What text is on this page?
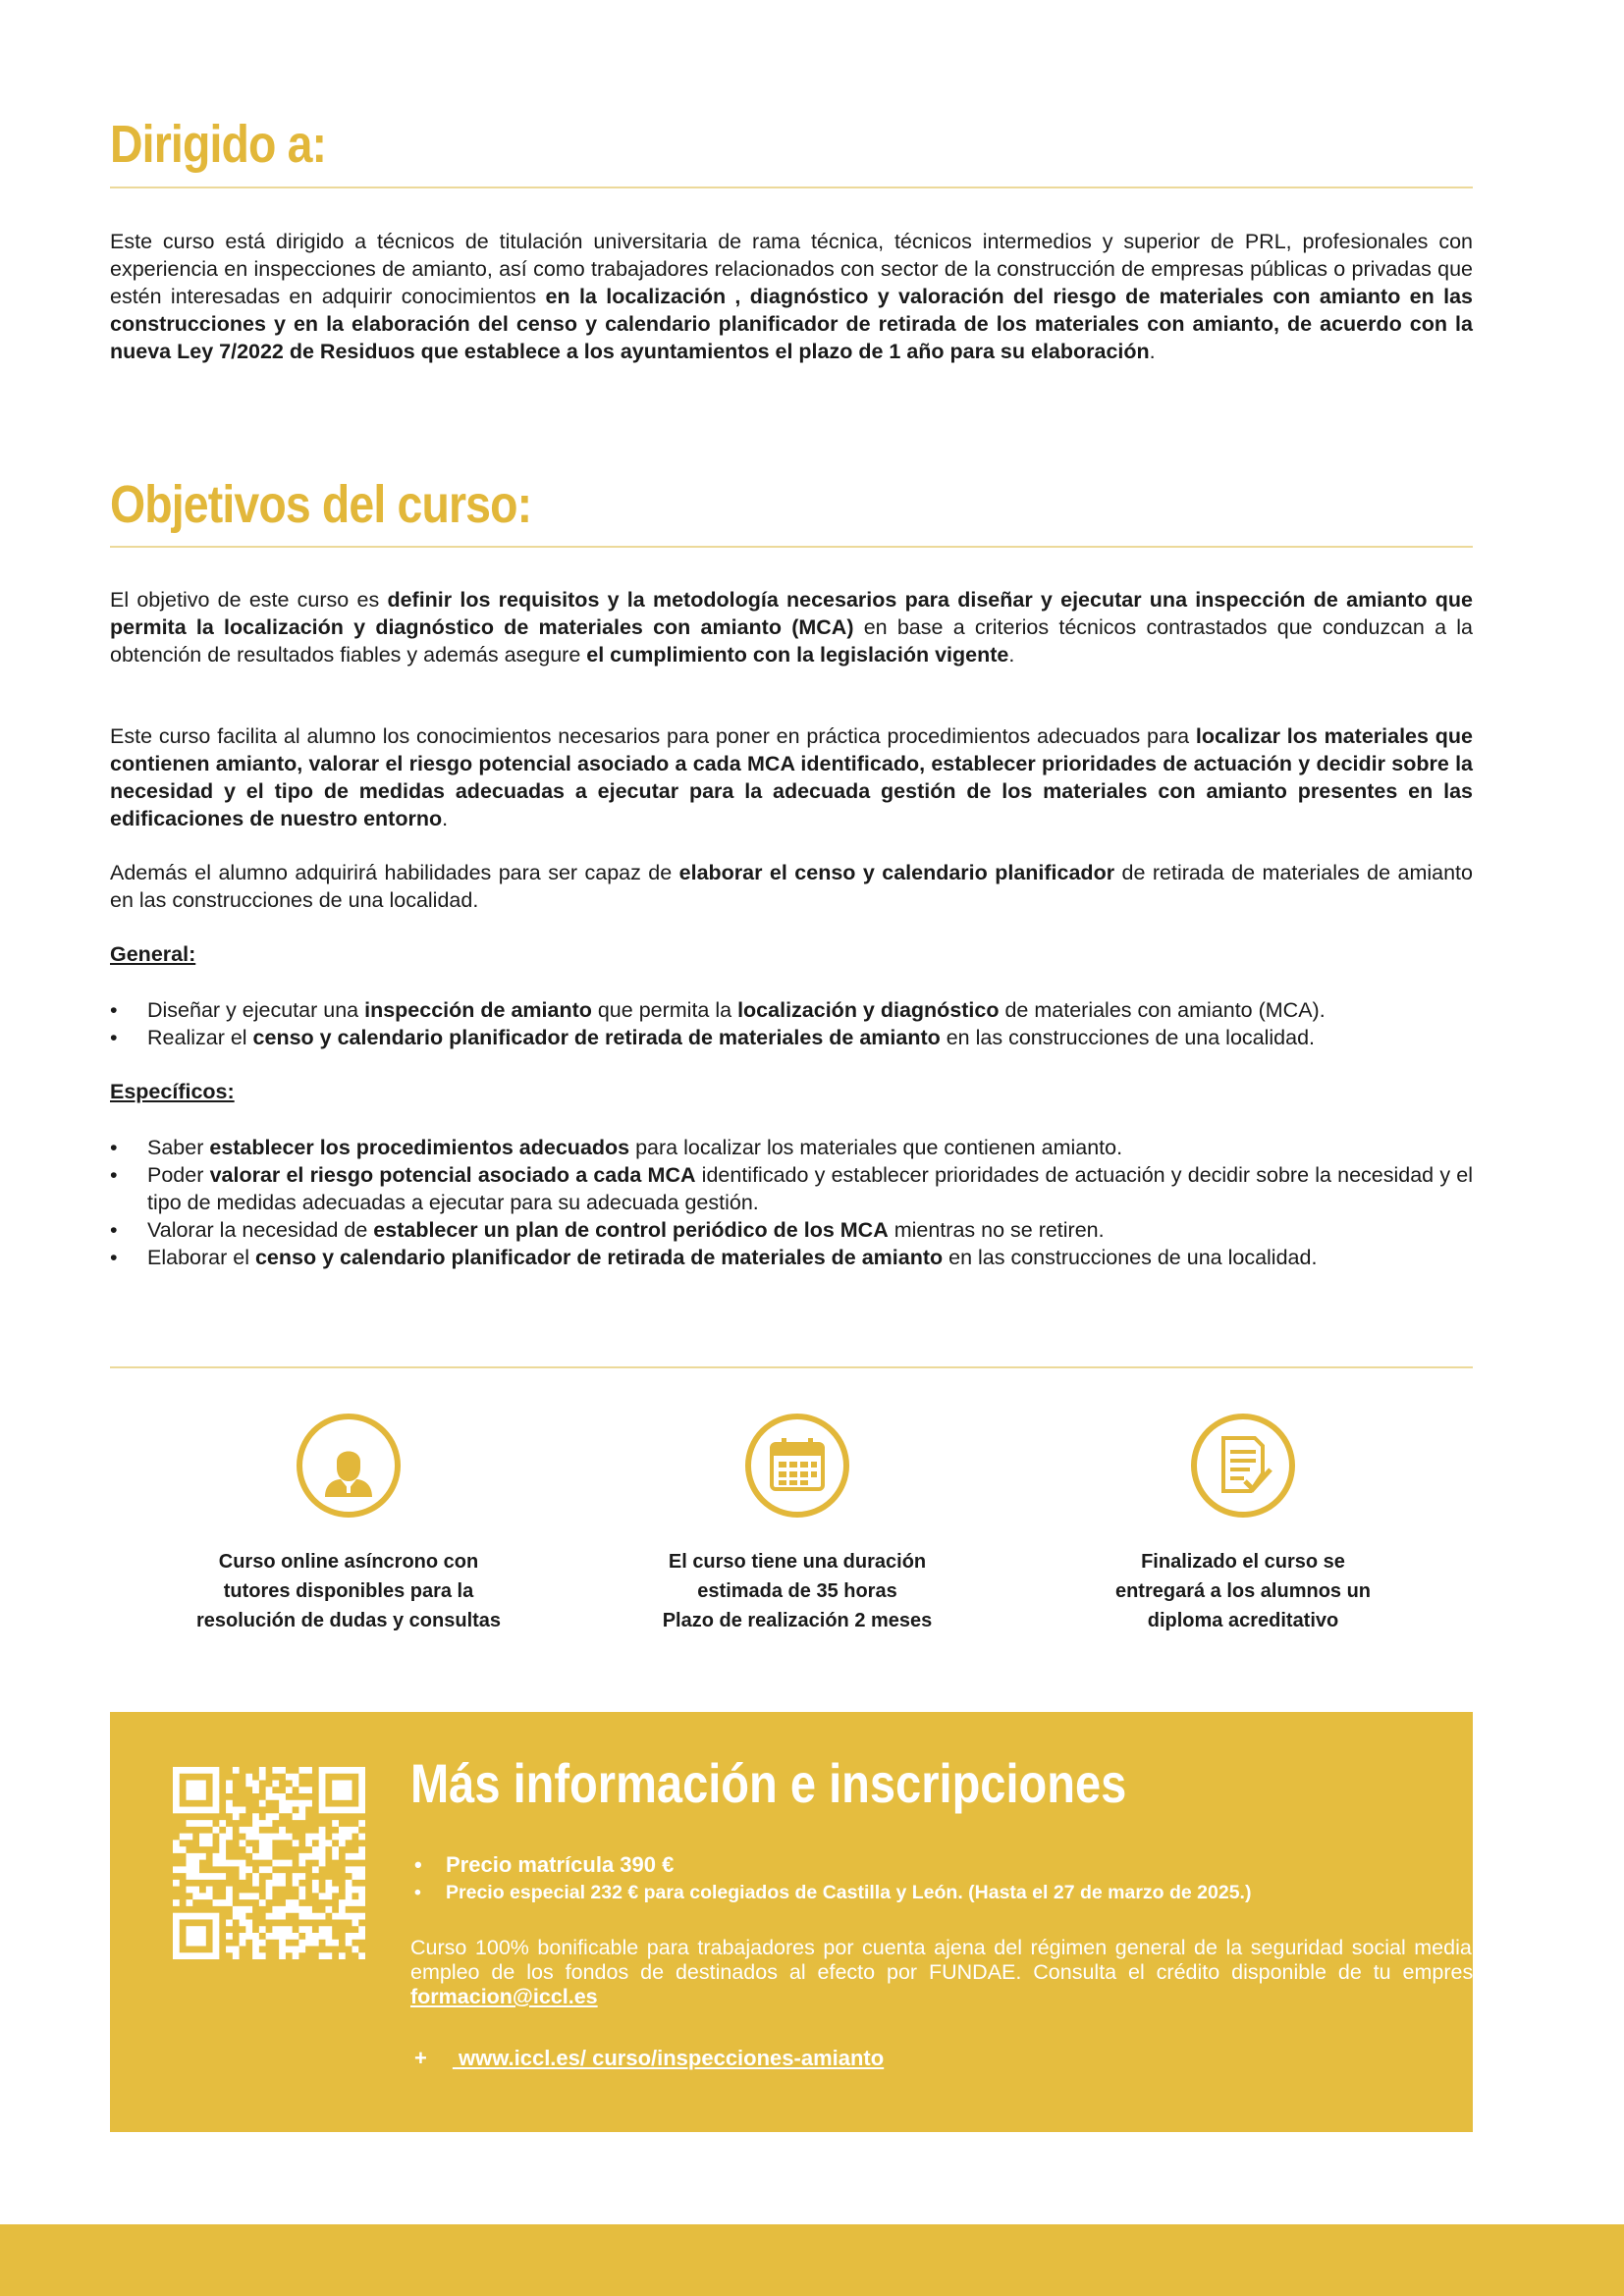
Dirigido a:

Este curso está dirigido a técnicos de titulación universitaria de rama técnica, técnicos intermedios y superior de PRL, profesionales con experiencia en inspecciones de amianto, así como trabajadores relacionados con sector de la construcción de empresas públicas o privadas que estén interesadas en adquirir conocimientos en la localización , diagnóstico y valoración del riesgo de materiales con amianto en las construcciones y en la elaboración del censo y calendario planificador de retirada de los materiales con amianto, de acuerdo con la nueva Ley 7/2022 de Residuos que establece a los ayuntamientos el plazo de 1 año para su elaboración.

Objetivos del curso:

El objetivo de este curso es definir los requisitos y la metodología necesarios para diseñar y ejecutar una inspección de amianto que permita la localización y diagnóstico de materiales con amianto (MCA) en base a criterios técnicos contrastados que conduzcan a la obtención de resultados fiables y además asegure el cumplimiento con la legislación vigente.

Este curso facilita al alumno los conocimientos necesarios para poner en práctica procedimientos adecuados para localizar los materiales que contienen amianto, valorar el riesgo potencial asociado a cada MCA identificado, establecer prioridades de actuación y decidir sobre la necesidad y el tipo de medidas adecuadas a ejecutar para la adecuada gestión de los materiales con amianto presentes en las edificaciones de nuestro entorno.

Además el alumno adquirirá habilidades para ser capaz de elaborar el censo y calendario planificador de retirada de materiales de amianto en las construcciones de una localidad.

General:
• Diseñar y ejecutar una inspección de amianto que permita la localización y diagnóstico de materiales con amianto (MCA).
• Realizar el censo y calendario planificador de retirada de materiales de amianto en las construcciones de una localidad.
Específicos:
• Saber establecer los procedimientos adecuados para localizar los materiales que contienen amianto.
• Poder valorar el riesgo potencial asociado a cada MCA identificado y establecer prioridades de actuación y decidir sobre la necesidad y el tipo de medidas adecuadas a ejecutar para su adecuada gestión.
• Valorar la necesidad de establecer un plan de control periódico de los MCA mientras no se retiren.
• Elaborar el censo y calendario planificador de retirada de materiales de amianto en las construcciones de una localidad.
Curso online asíncrono con
tutores disponibles para la
resolución de dudas y consultas
El curso tiene una duración
estimada de 35 horas
Plazo de realización 2 meses
Finalizado el curso se
entregará a los alumnos un
diploma acreditativo
Más información e inscripciones
• Precio matrícula 390 €
• Precio especial 232 € para colegiados de Castilla y León. (Hasta el 27 de marzo de 2025.)

Curso 100% bonificable para trabajadores por cuenta ajena del régimen general de la seguridad social mediante el empleo de los fondos de destinados al efecto por FUNDAE. Consulta el crédito disponible de tu empresa en: formacion@iccl.es

+ www.iccl.es/ curso/inspecciones-amianto
